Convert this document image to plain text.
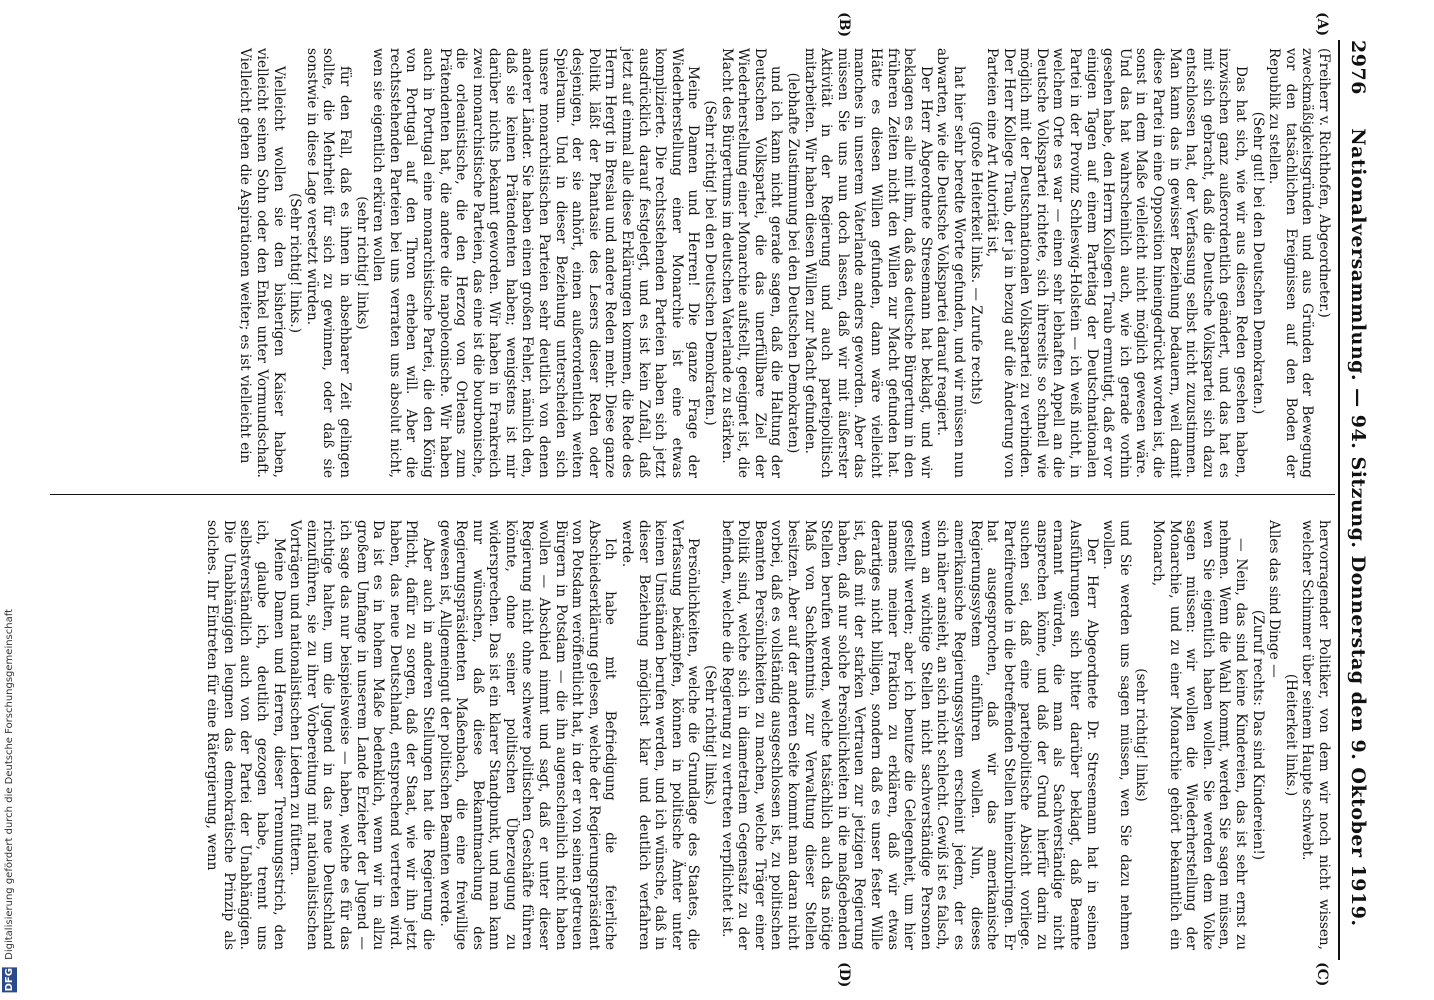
2976
Nationalversammlung. — 94. Sitzung. Donnerstag den 9. Oktober 1919.
(A)
(B)
(C)
(D)

(Freiherr v. Richthofen, Abgeordneter.)

zweckmäßigkeitsgründen und aus Gründen der Bewegung vor den tatsächlichen Ereignissen auf den Boden der Republik zu stellen.

(Sehr gut! bei den Deutschen Demokraten.)

Das hat sich, wie wir aus diesen Reden gesehen haben, inzwischen ganz außerordentlich geändert, und das hat es mit sich gebracht, daß die Deutsche Volkspartei sich dazu entschlossen hat, der Verfassung selbst nicht zuzustimmen. Man kann das in gewisser Beziehung bedauern, weil damit diese Partei in eine Opposition hineingedrückt worden ist, die sonst in dem Maße vielleicht nicht möglich gewesen wäre. Und das hat wahrscheinlich auch, wie ich gerade vorhin gesehen habe, den Herrn Kollegen Traub ermutigt, daß er vor einigen Tagen auf einem Parteitag der Deutschnationalen Partei in der Provinz Schleswig-Holstein — ich weiß nicht, in welchem Orte es war — einen sehr lebhaften Appell an die Deutsche Volkspartei richtete, sich ihrerseits so schnell wie möglich mit der Deutschnationalen Volkspartei zu verbinden. Der Herr Kollege Traub, der ja in bezug auf die Änderung von Parteien eine Art Autorität ist,

(große Heiterkeit links. — Zurufe rechts)

hat hier sehr beredte Worte gefunden, und wir müssen nun abwarten, wie die Deutsche Volkspartei darauf reagiert.

Der Herr Abgeordnete Stresemann hat beklagt, und wir beklagen es alle mit ihm, daß das deutsche Bürgertum in den früheren Zeiten nicht den Willen zur Macht gefunden hat. Hätte es diesen Willen gefunden, dann wäre vielleicht manches in unserem Vaterlande anders geworden. Aber das müssen Sie uns nun doch lassen, daß wir mit äußerster Aktivität in der Regierung und auch parteipolitisch mitarbeiten. Wir haben diesen Willen zur Macht gefunden.

(lebhafte Zustimmung bei den Deutschen Demokraten)

und ich kann nicht gerade sagen, daß die Haltung der Deutschen Volkspartei, die das unerfüllbare Ziel der Wiederherstellung einer Monarchie aufstellt, geeignet ist, die Macht des Bürgertums im deutschen Vaterlande zu stärken.

(Sehr richtig! bei den Deutschen Demokraten.)

Meine Damen und Herren! Die ganze Frage der Wiederherstellung einer Monarchie ist eine etwas komplizierte. Die rechtsstehenden Parteien haben sich jetzt ausdrücklich darauf festgelegt, und es ist kein Zufall, daß jetzt auf einmal alle diese Erklärungen kommen, die Rede des Herrn Hergt in Breslau und andere Reden mehr. Diese ganze Politik läßt der Phantasie des Lesers dieser Reden oder desjenigen, der sie anhört, einen außerordentlich weiten Spielraum. Und in dieser Beziehung unterscheiden sich unsere monarchistischen Parteien sehr deutlich von denen anderer Länder. Sie haben einen großen Fehler, nämlich den, daß sie keinen Prätendenten haben; wenigstens ist mir darüber nichts bekannt geworden. Wir haben in Frankreich zwei monarchistische Parteien, das eine ist die bourbonische, die orleanistische, die den Herzog von Orleans zum Prätendenten hat, die andere die napoleonische. Wir haben auch in Portugal eine monarchistische Partei, die den König von Portugal auf den Thron erheben will. Aber die rechtsstehenden Parteien bei uns verraten uns absolut nicht, wen sie eigentlich erküren wollen

(sehr richtig! links)

für den Fall, daß es ihnen in absehbarer Zeit gelingen sollte, die Mehrheit für sich zu gewinnen, oder daß sie sonstwie in diese Lage versetzt würden.

(Sehr richtig! links.)

Vielleicht wollen sie den bisherigen Kaiser haben, vielleicht seinen Sohn oder den Enkel unter Vormundschaft. Vielleicht gehen die Aspirationen weiter; es ist vielleicht ein

hervorragender Politiker, von dem wir noch nicht wissen, welcher Schimmer über seinem Haupte schwebt.

(Heiterkeit links.)

Alles das sind Dinge —

(Zuruf rechts: Das sind Kindereien!)

— Nein, das sind keine Kindereien, das ist sehr ernst zu nehmen. Wenn die Wahl kommt, werden Sie sagen müssen, wen Sie eigentlich haben wollen. Sie werden dem Volke sagen müssen: wir wollen die Wiederherstellung der Monarchie, und zu einer Monarchie gehört bekanntlich ein Monarch,

(sehr richtig! links)

und Sie werden uns sagen müssen, wen Sie dazu nehmen wollen.

Der Herr Abgeordnete Dr. Stresemann hat in seinen Ausführungen sich bitter darüber beklagt, daß Beamte ernannt würden, die man als Sachverständige nicht ansprechen könne, und daß der Grund hierfür darin zu suchen sei, daß eine parteipolitische Absicht vorliege. Parteifreunde in die betreffenden Stellen hineinzubringen. Er hat ausgesprochen, daß wir das amerikanische Regierungssystem einführen wollen. Nun, dieses amerikanische Regierungssystem erscheint jedem, der es sich näher ansieht, an sich nicht schlecht. Gewiß ist es falsch, wenn an wichtige Stellen nicht sachverständige Personen gestellt werden; aber ich benutze die Gelegenheit, um hier namens meiner Fraktion zu erklären, daß wir etwas derartiges nicht billigen, sondern daß es unser fester Wille ist, daß mit der starken Vertrauen zur jetzigen Regierung haben, daß nur solche Persönlichkeiten in die maßgebenden Stellen berufen werden, welche tatsächlich auch das nötige Maß von Sachkenntnis zur Verwaltung dieser Stellen besitzen. Aber auf der anderen Seite kommt man daran nicht vorbei, daß es vollständig ausgeschlossen ist, zu politischen Beamten Persönlichkeiten zu machen, welche Träger einer Politik sind, welche sich in diametralem Gegensatz zu der befinden, welche die Regierung zu vertreten verpflichtet ist.

(Sehr richtig! links.)

Persönlichkeiten, welche die Grundlage des Staates, die Verfassung bekämpfen, können in politische Ämter unter keinen Umständen berufen werden, und ich wünsche, daß in dieser Beziehung möglichst klar und deutlich verfahren werde.

Ich habe mit Befriedigung die feierliche Abschiedserklärung gelesen, welche der Regierungspräsident von Potsdam veröffentlicht hat, in der er von seinen getreuen Bürgern in Potsdam — die ihn augenscheinlich nicht haben wollen — Abschied nimmt und sagt, daß er unter dieser Regierung nicht ohne schwere politischen Geschäfte führen könnte, ohne seiner politischen Überzeugung zu widersprechen. Das ist ein klarer Standpunkt, und man kann nur wünschen, daß diese Bekanntmachung des Regierungspräsidenten Maßenbach, die eine freiwillige gewesen ist, Allgemeingut der politischen Beamten werde.

Aber auch in anderen Stellungen hat die Regierung die Pflicht, dafür zu sorgen, daß der Staat, wie wir ihn jetzt haben, das neue Deutschland, entsprechend vertreten wird. Da ist es in hohem Maße bedenklich, wenn wir in allzu großem Umfange in unserem Lande Erzieher der Jugend — ich sage das nur beispielsweise — haben, welche es für das richtige halten, um die Jugend in das neue Deutschland einzuführen, sie zu ihrer Vorbereitung mit nationalistischen Vorträgen und nationalistischen Liedern zu füttern.

Meine Damen und Herren, dieser Trennungsstrich, den ich, glaube ich, deutlich gezogen habe, trennt uns selbstverständlich auch von der Partei der Unabhängigen. Die Unabhängigen leugnen das demokratische Prinzip als solches. Ihr Eintreten für eine Rätergierung, wenn

DFG Digitalisierung gefördert durch die Deutsche Forschungsgemeinschaft
